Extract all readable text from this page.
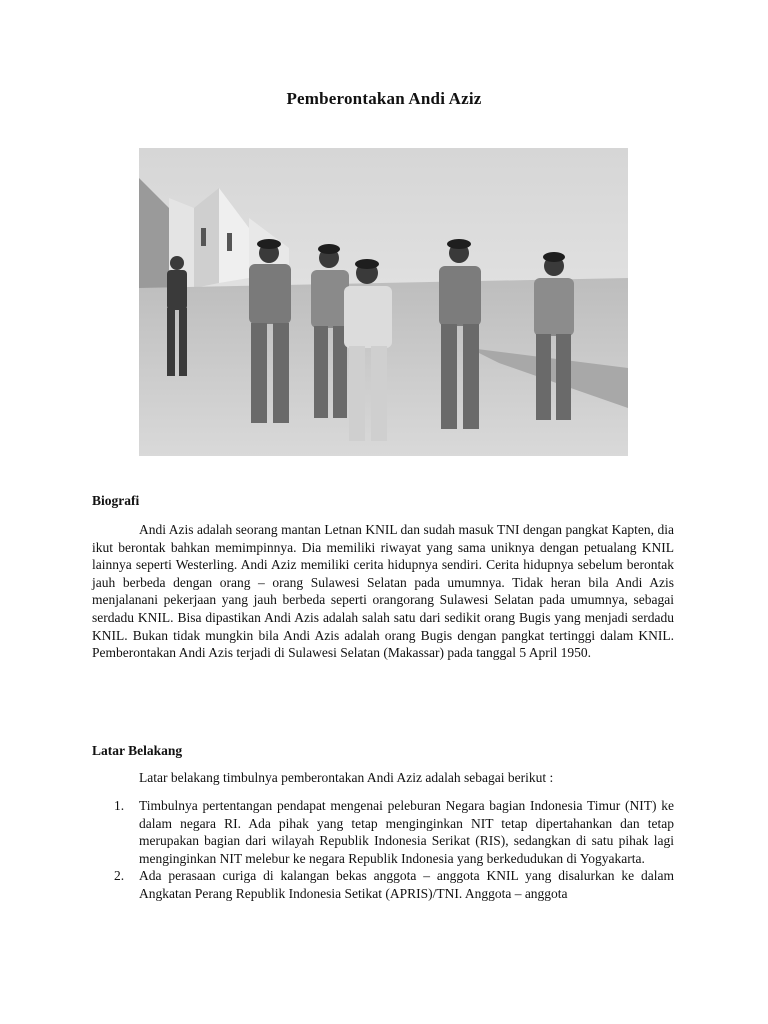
Pemberontakan Andi Aziz
Biografi

Andi Azis adalah seorang mantan Letnan KNIL dan sudah masuk TNI dengan pangkat Kapten, dia ikut berontak bahkan memimpinnya. Dia memiliki riwayat yang sama uniknya dengan petualang KNIL lainnya seperti Westerling. Andi Aziz memiliki cerita hidupnya sendiri. Cerita hidupnya sebelum berontak jauh berbeda dengan orang – orang Sulawesi Selatan pada umumnya. Tidak heran bila Andi Azis menjalanani pekerjaan yang jauh berbeda seperti orangorang Sulawesi Selatan pada umumnya, sebagai serdadu KNIL. Bisa dipastikan Andi Azis adalah salah satu dari sedikit orang Bugis yang menjadi serdadu KNIL. Bukan tidak mungkin bila Andi Azis adalah orang Bugis dengan pangkat tertinggi dalam KNIL. Pemberontakan Andi Azis terjadi di Sulawesi Selatan (Makassar) pada tanggal 5 April 1950.

Latar Belakang
Latar belakang timbulnya pemberontakan Andi Aziz adalah sebagai berikut :
1. Timbulnya pertentangan pendapat mengenai peleburan Negara bagian Indonesia Timur (NIT) ke dalam negara RI. Ada pihak yang tetap menginginkan NIT tetap dipertahankan dan tetap merupakan bagian dari wilayah Republik Indonesia Serikat (RIS), sedangkan di satu pihak lagi menginginkan NIT melebur ke negara Republik Indonesia yang berkedudukan di Yogyakarta.
2. Ada perasaan curiga di kalangan bekas anggota – anggota KNIL yang disalurkan ke dalam Angkatan Perang Republik Indonesia Setikat (APRIS)/TNI. Anggota – anggota
